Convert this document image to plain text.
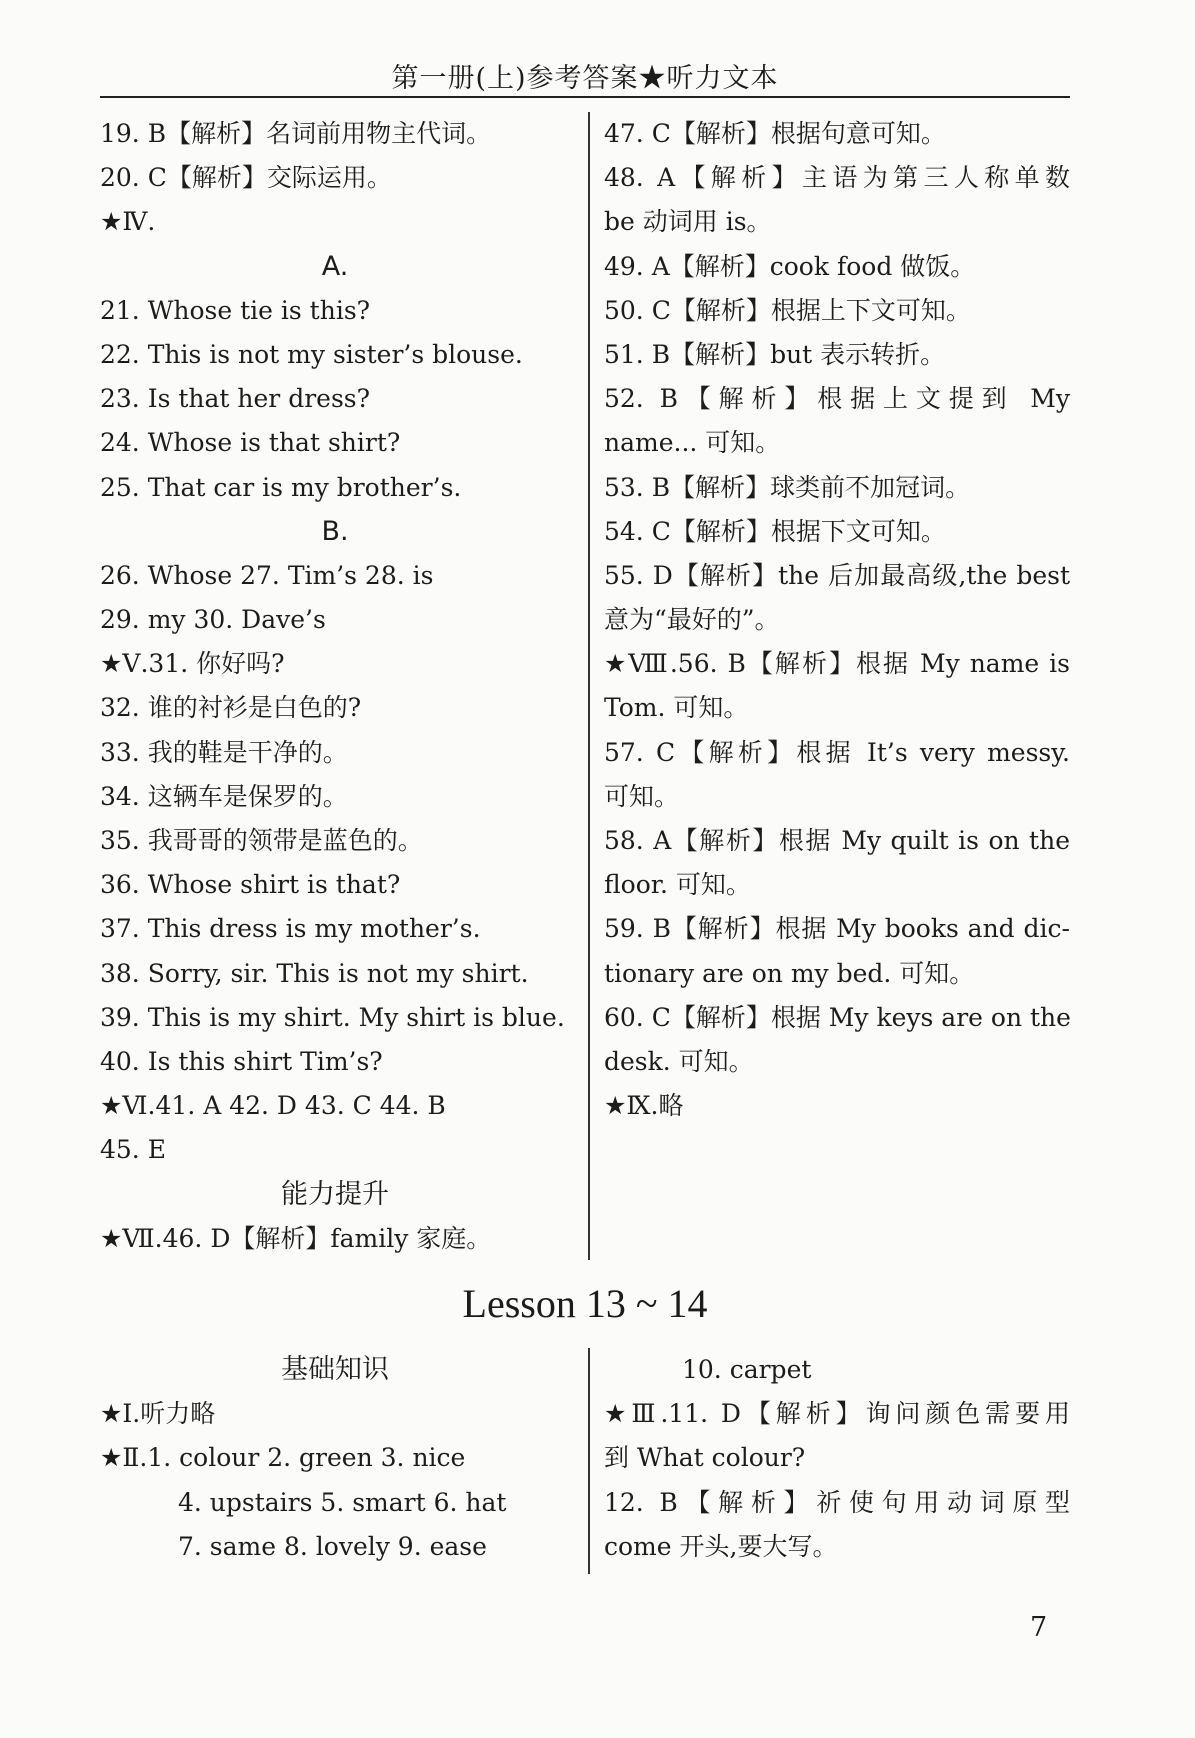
第一册(上)参考答案★听力文本
19. B【解析】名词前用物主代词。
20. C【解析】交际运用。
★Ⅳ.
A.
21. Whose tie is this?
22. This is not my sister’s blouse.
23. Is that her dress?
24. Whose is that shirt?
25. That car is my brother’s.
B.
26. Whose 27. Tim’s 28. is
29. my 30. Dave’s
★Ⅴ.31. 你好吗?
32. 谁的衬衫是白色的?
33. 我的鞋是干净的。
34. 这辆车是保罗的。
35. 我哥哥的领带是蓝色的。
36. Whose shirt is that?
37. This dress is my mother’s.
38. Sorry, sir. This is not my shirt.
39. This is my shirt. My shirt is blue.
40. Is this shirt Tim’s?
★Ⅵ.41. A 42. D 43. C 44. B
45. E
能力提升
★Ⅶ.46. D【解析】family 家庭。
47. C【解析】根据句意可知。
48. A【解析】主语为第三人称单数
be 动词用 is。
49. A【解析】cook food 做饭。
50. C【解析】根据上下文可知。
51. B【解析】but 表示转折。
52. B【解析】根据上文提到 My
name... 可知。
53. B【解析】球类前不加冠词。
54. C【解析】根据下文可知。
55. D【解析】the 后加最高级,the best
意为“最好的”。
★Ⅷ.56. B【解析】根据 My name is
Tom. 可知。
57. C【解析】根据 It’s very messy.
可知。
58. A【解析】根据 My quilt is on the
floor. 可知。
59. B【解析】根据 My books and dic-
tionary are on my bed. 可知。
60. C【解析】根据 My keys are on the
desk. 可知。
★Ⅸ.略
Lesson 13 ~ 14
基础知识
★Ⅰ.听力略
★Ⅱ.1. colour 2. green 3. nice
4. upstairs 5. smart 6. hat
7. same 8. lovely 9. ease
10. carpet
★Ⅲ.11. D【解析】询问颜色需要用
到 What colour?
12. B【解析】祈使句用动词原型
come 开头,要大写。
7
